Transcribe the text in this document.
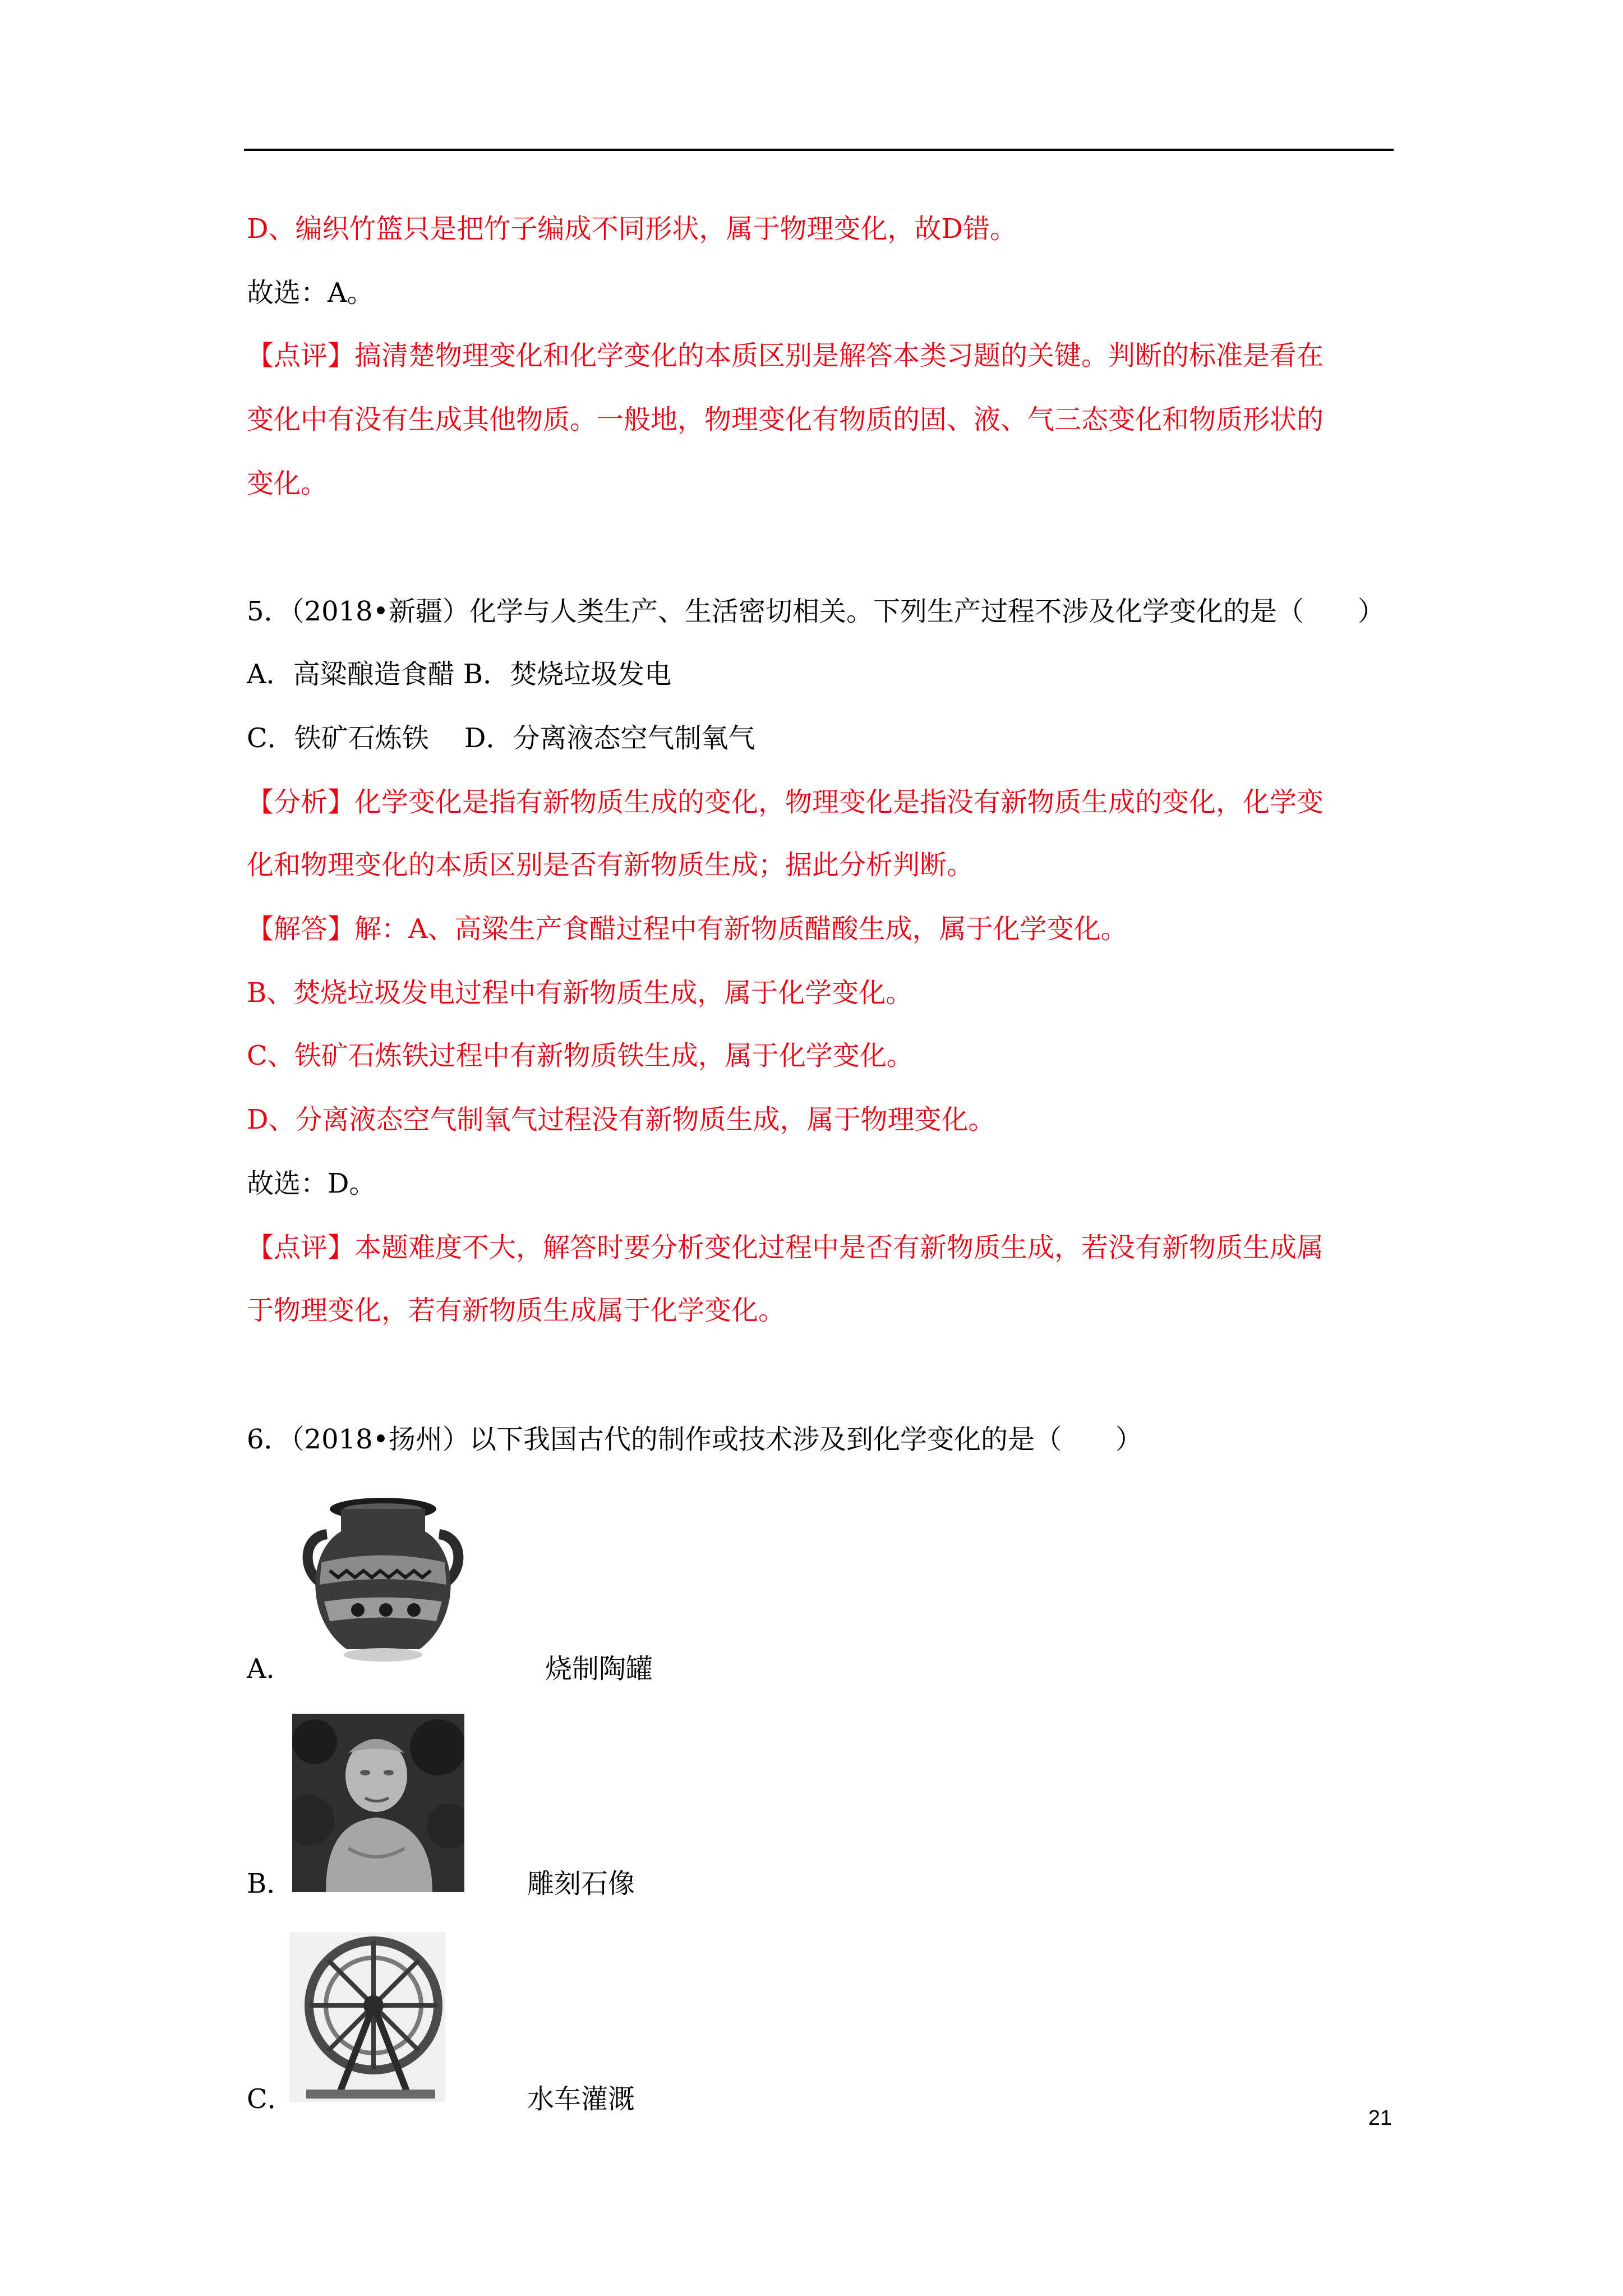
D、编织竹篮只是把竹子编成不同形状，属于物理变化，故D错。
故选：A。
【点评】搞清楚物理变化和化学变化的本质区别是解答本类习题的关键。判断的标准是看在
变化中有没有生成其他物质。一般地，物理变化有物质的固、液、气三态变化和物质形状的
变化。
5．（2018•新疆）化学与人类生产、生活密切相关。下列生产过程不涉及化学变化的是（　　）
A．高粱酿造食醋 B．焚烧垃圾发电
C．铁矿石炼铁　 D．分离液态空气制氧气
【分析】化学变化是指有新物质生成的变化，物理变化是指没有新物质生成的变化，化学变
化和物理变化的本质区别是否有新物质生成；据此分析判断。
【解答】解：A、高粱生产食醋过程中有新物质醋酸生成，属于化学变化。
B、焚烧垃圾发电过程中有新物质生成，属于化学变化。
C、铁矿石炼铁过程中有新物质铁生成，属于化学变化。
D、分离液态空气制氧气过程没有新物质生成，属于物理变化。
故选：D。
【点评】本题难度不大，解答时要分析变化过程中是否有新物质生成，若没有新物质生成属
于物理变化，若有新物质生成属于化学变化。
6．（2018•扬州）以下我国古代的制作或技术涉及到化学变化的是（　　）
A．	烧制陶罐
B．	雕刻石像
C．	水车灌溉
21
